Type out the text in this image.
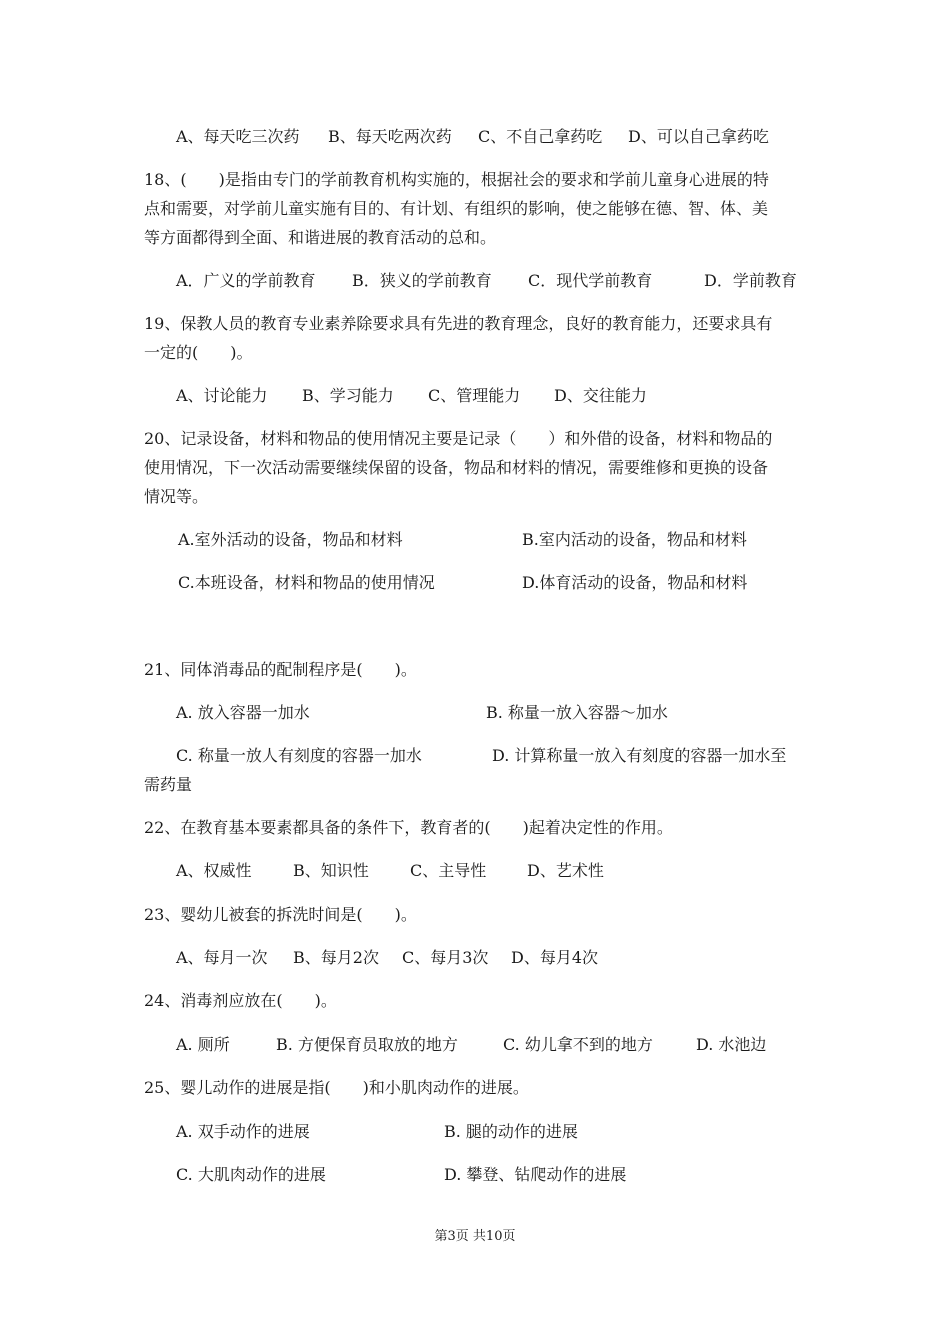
A、每天吃三次药 B、每天吃两次药 C、不自己拿药吃 D、可以自己拿药吃
18、(　　)是指由专门的学前教育机构实施的，根据社会的要求和学前儿童身心进展的特
点和需要，对学前儿童实施有目的、有计划、有组织的影响，使之能够在德、智、体、美
等方面都得到全面、和谐进展的教育活动的总和。
A．广义的学前教育 B．狭义的学前教育 C．现代学前教育	D．学前教育
19、保教人员的教育专业素养除要求具有先进的教育理念，良好的教育能力，还要求具有
一定的(　　)。
A、讨论能力 B、学习能力 C、管理能力 D、交往能力
20、记录设备，材料和物品的使用情况主要是记录（　　）和外借的设备，材料和物品的
使用情况，下一次活动需要继续保留的设备，物品和材料的情况，需要维修和更换的设备
情况等。
A.室外活动的设备，物品和材料	B.室内活动的设备，物品和材料
C.本班设备，材料和物品的使用情况	D.体育活动的设备，物品和材料
21、同体消毒品的配制程序是(　　)。
A. 放入容器一加水	B. 称量一放入容器～加水
C. 称量一放人有刻度的容器一加水	D. 计算称量一放入有刻度的容器一加水至
需药量
22、在教育基本要素都具备的条件下，教育者的(　　)起着决定性的作用。
A、权威性	B、知识性	C、主导性	D、艺术性
23、婴幼儿被套的拆洗时间是(　　)。
A、每月一次 B、每月2次 C、每月3次 D、每月4次
24、消毒剂应放在(　　)。
A. 厕所	B. 方便保育员取放的地方	C. 幼儿拿不到的地方	D. 水池边
25、婴儿动作的进展是指(　　)和小肌肉动作的进展。
A. 双手动作的进展	B. 腿的动作的进展
C. 大肌肉动作的进展	D. 攀登、钻爬动作的进展
第3页 共10页
